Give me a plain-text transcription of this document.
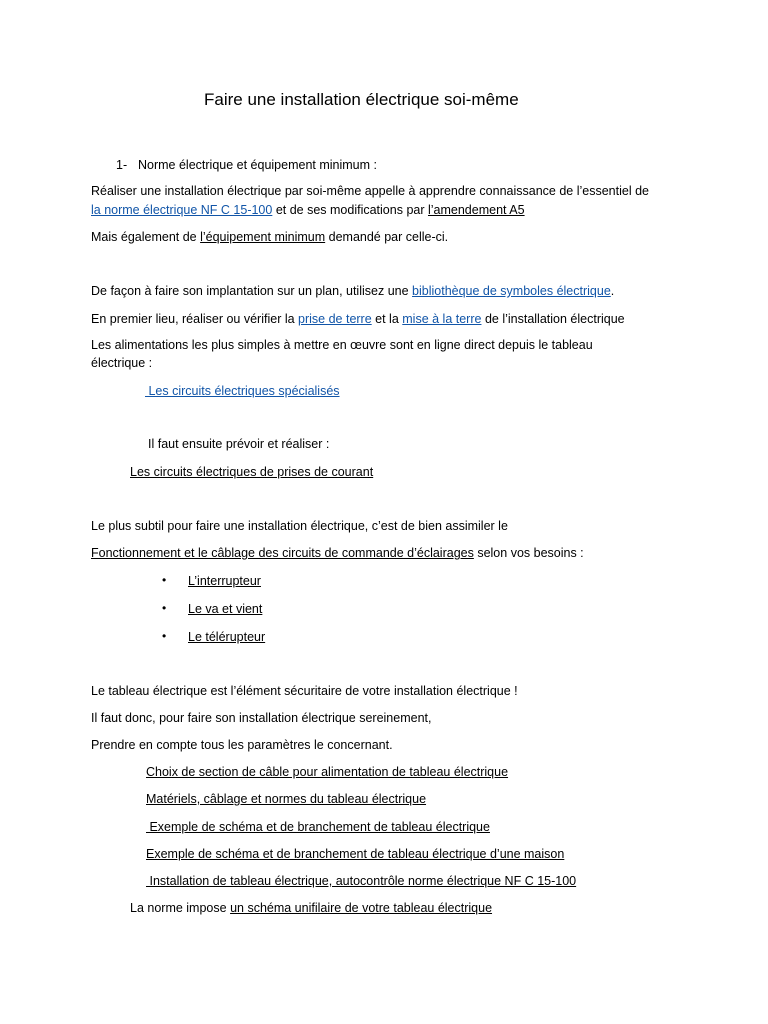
Faire une installation électrique soi-même
1- Norme électrique et équipement minimum :
Réaliser une installation électrique par soi-même appelle à apprendre connaissance de l’essentiel de
la norme électrique NF C 15-100 et de ses modifications par l’amendement A5
Mais également de l’équipement minimum demandé par celle-ci.
De façon à faire son implantation sur un plan, utilisez une bibliothèque de symboles électrique.
En premier lieu, réaliser ou vérifier la prise de terre et la mise à la terre de l’installation électrique
Les alimentations les plus simples à mettre en œuvre sont en ligne direct depuis le tableau
électrique :
Les circuits électriques spécialisés
Il faut ensuite prévoir et réaliser :
Les circuits électriques de prises de courant
Le plus subtil pour faire une installation électrique, c’est de bien assimiler le
Fonctionnement et le câblage des circuits de commande d’éclairages selon vos besoins :
• L’interrupteur
• Le va et vient
• Le télérupteur
Le tableau électrique est l’élément sécuritaire de votre installation électrique !
Il faut donc, pour faire son installation électrique sereinement,
Prendre en compte tous les paramètres le concernant.
Choix de section de câble pour alimentation de tableau électrique
Matériels, câblage et normes du tableau électrique
Exemple de schéma et de branchement de tableau électrique
Exemple de schéma et de branchement de tableau électrique d’une maison
Installation de tableau électrique, autocontrôle norme électrique NF C 15-100
La norme impose un schéma unifilaire de votre tableau électrique
